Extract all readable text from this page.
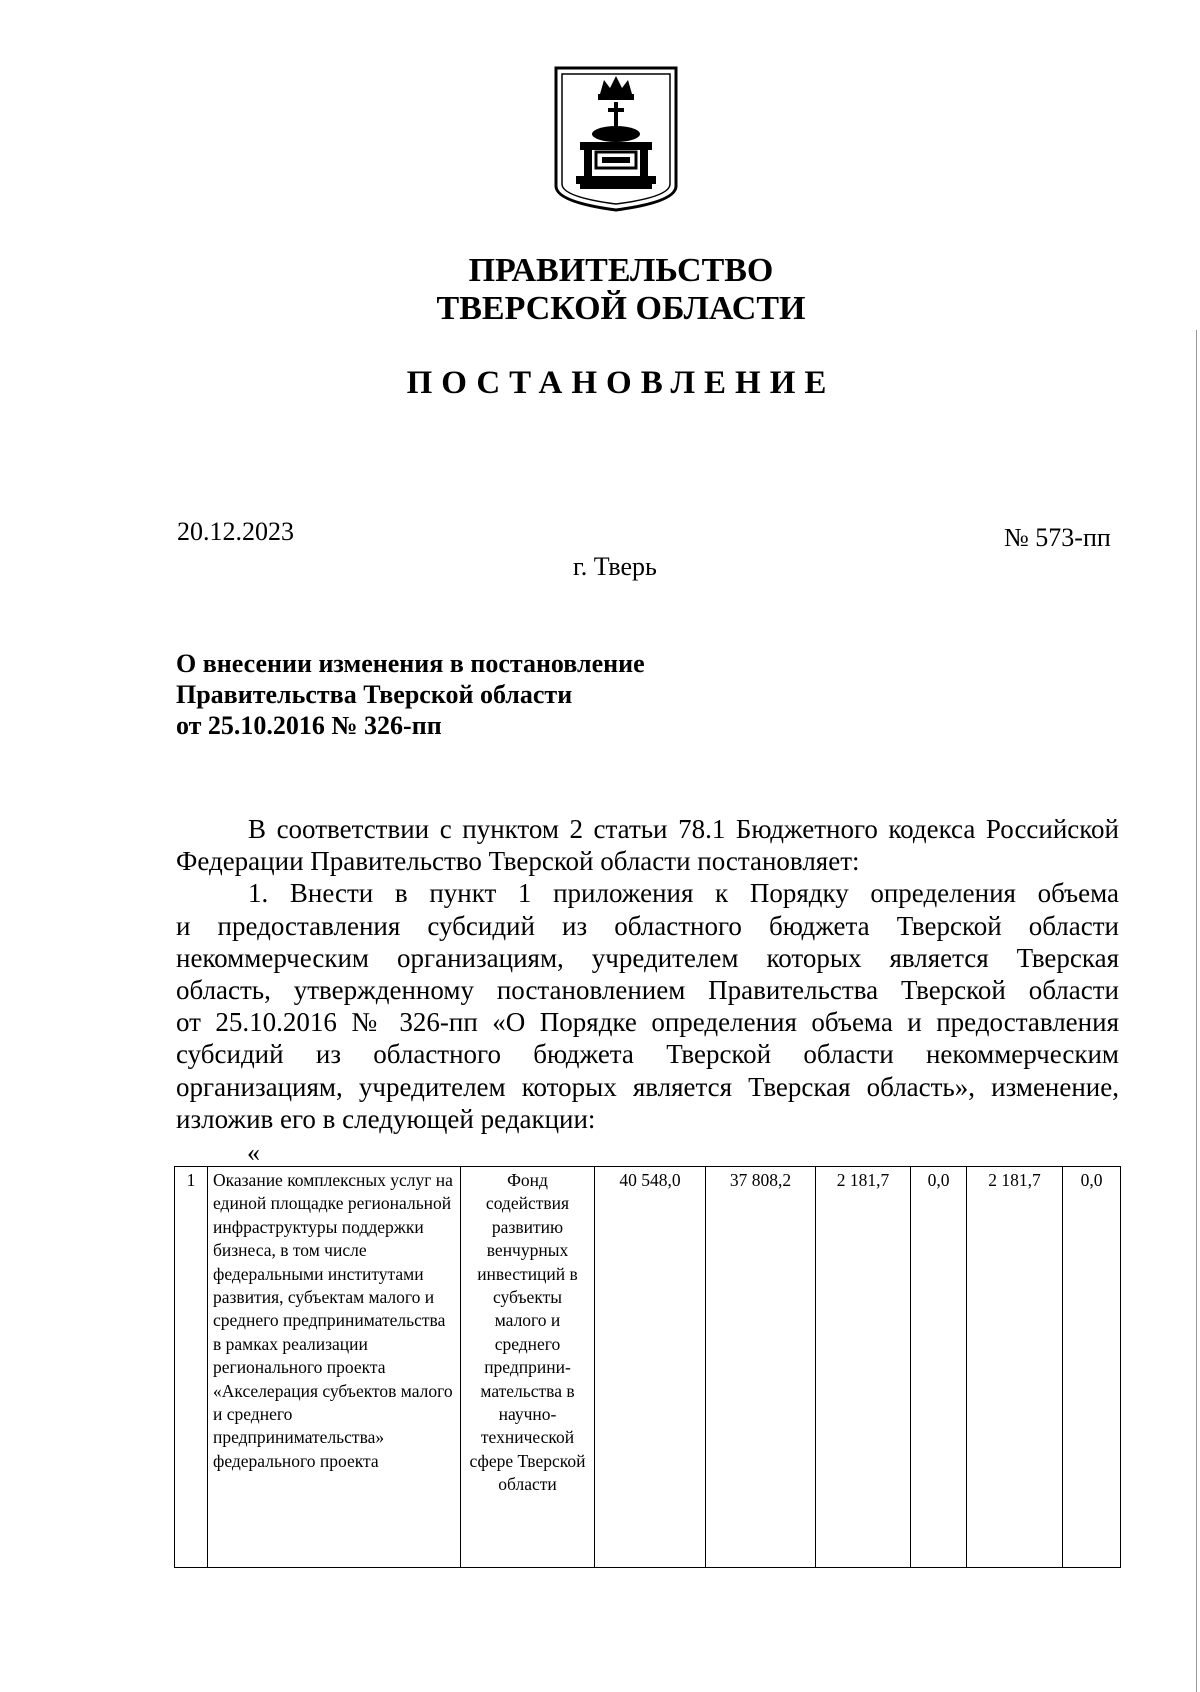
ПРАВИТЕЛЬСТВО
ТВЕРСКОЙ ОБЛАСТИ
ПОСТАНОВЛЕНИЕ
20.12.2023
г. Тверь
№ 573-пп
О внесении изменения в постановление
Правительства Тверской области
от 25.10.2016 № 326-пп

В соответствии с пунктом 2 статьи 78.1 Бюджетного кодекса Российской
Федерации Правительство Тверской области постановляет:

1. Внести в пункт 1 приложения к Порядку определения объема
и предоставления субсидий из областного бюджета Тверской области
некоммерческим организациям, учредителем которых является Тверская
область, утвержденному постановлением Правительства Тверской области
от 25.10.2016 № 326-пп «О Порядке определения объема и предоставления
субсидий из областного бюджета Тверской области некоммерческим
организациям, учредителем которых является Тверская область», изменение,
изложив его в следующей редакции:

«
1	Оказание комплексных услуг на единой площадке региональной инфраструктуры поддержки бизнеса, в том числе федеральными институтами развития, субъектам малого и среднего предпринимательства в рамках реализации регионального проекта «Акселерация субъектов малого и среднего предпринимательства» федерального проекта	Фонд содействия развитию венчурных инвестиций в субъекты малого и среднего предприни-мательства в научно-технической сфере Тверской области	40 548,0	37 808,2	2 181,7	0,0	2 181,7	0,0
